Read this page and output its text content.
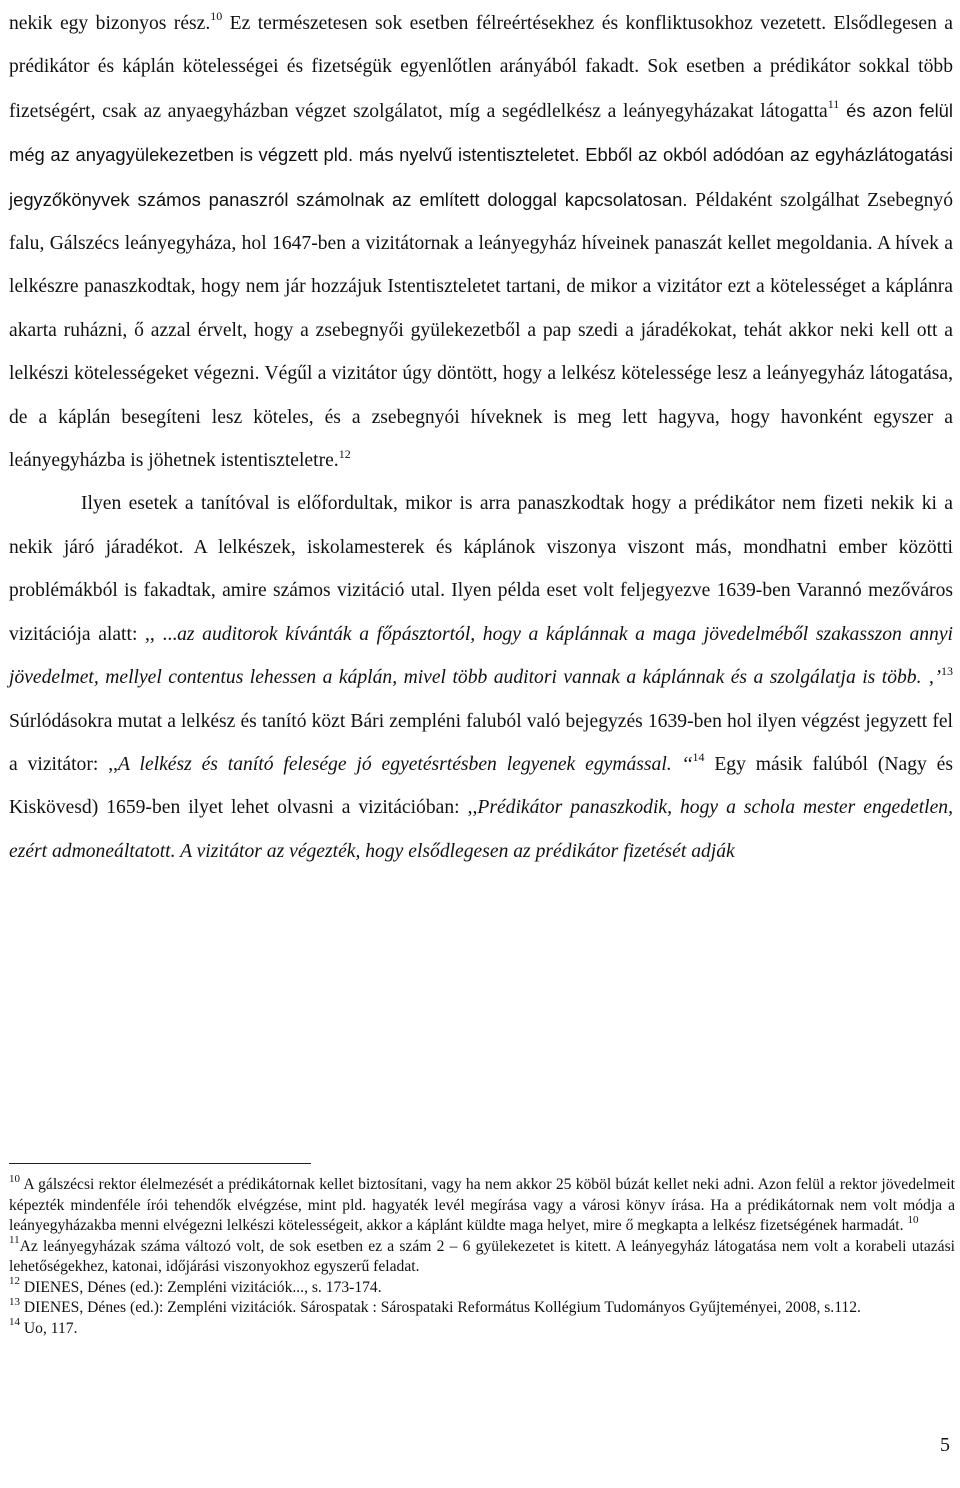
nekik egy bizonyos rész.$^{10}$ Ez természetesen sok esetben félreértésekhez és konfliktusokhoz vezetett. Elsődlegesen a prédikátor és káplán kötelességei és fizetségük egyenlőtlen arányából fakadt. Sok esetben a prédikátor sokkal több fizetségért, csak az anyaegyházban végzet szolgálatot, míg a segédlelkész a leányegyházakat látogatta$^{11}$ és azon felül még az anyagyülekezetben is végzett pld. más nyelvű istentiszteletet. Ebből az okból adódóan az egyházlátogatási jegyzőkönyvek számos panaszról számolnak az említett dologgal kapcsolatosan. Példaként szolgálhat Zsebegnyó falu, Gálszécs leányegyháza, hol 1647-ben a vizitátornak a leányegyház híveinek panaszát kellet megoldania. A hívek a lelkészre panaszkodtak, hogy nem jár hozzájuk Istentiszteletet tartani, de mikor a vizitátor ezt a kötelességet a káplánra akarta ruházni, ő azzal érvelt, hogy a zsebegnyői gyülekezetből a pap szedi a járadékokat, tehát akkor neki kell ott a lelkészi kötelességeket végezni. Végűl a vizitátor úgy döntött, hogy a lelkész kötelessége lesz a leányegyház látogatása, de a káplán besegíteni lesz köteles, és a zsebegnyói híveknek is meg lett hagyva, hogy havonként egyszer a leányegyházba is jöhetnek istentiszteletre.$^{12}$

Ilyen esetek a tanítóval is előfordultak, mikor is arra panaszkodtak hogy a prédikátor nem fizeti nekik ki a nekik járó járadékot. A lelkészek, iskolamesterek és káplánok viszonya viszont más, mondhatni ember közötti problémákból is fakadtak, amire számos vizitáció utal. Ilyen példa eset volt feljegyezve 1639-ben Varannó mezőváros vizitációja alatt: ,, ...az auditorok kívánták a főpásztortól, hogy a káplánnak a maga jövedelméből szakasszon annyi jövedelmet, mellyel contentus lehessen a káplán, mivel több auditori vannak a káplánnak és a szolgálatja is több. ‚’$^{13}$ Súrlódásokra mutat a lelkész és tanító közt Bári zempléni faluból való bejegyzés 1639-ben hol ilyen végzést jegyzett fel a vizitátor: ,,A lelkész és tanító felesége jó egyetésrtésben legyenek egymással. ‘‘$^{14}$ Egy másik falúból (Nagy és Kiskövesd) 1659-ben ilyet lehet olvasni a vizitációban: ,,Prédikátor panaszkodik, hogy a schola mester engedetlen, ezért admoneáltatott. A vizitátor az végezték, hogy elsődlegesen az prédikátor fizetését adják

$^{10}$ A gálszécsi rektor élelmezését a prédikátornak kellet biztosítani, vagy ha nem akkor 25 köböl búzát kellet neki adni. Azon felül a rektor jövedelmeit képezték mindenféle írói tehendők elvégzése, mint pld. hagyaték levél megírása vagy a városi könyv írása. Ha a prédikátornak nem volt módja a leányegyházakba menni elvégezni lelkészi kötelességeit, akkor a káplánt küldte maga helyet, mire ő megkapta a lelkész fizetségének harmadát. $^{10}$

$^{11}$Az leányegyházak száma változó volt, de sok esetben ez a szám 2 – 6 gyülekezetet is kitett. A leányegyház látogatása nem volt a korabeli utazási lehetőségekhez, katonai, időjárási viszonyokhoz egyszerű feladat.

$^{12}$ DIENES, Dénes (ed.): Zempléni vizitációk..., s. 173-174.

$^{13}$ DIENES, Dénes (ed.): Zempléni vizitációk. Sárospatak : Sárospataki Református Kollégium Tudományos Gyűjteményei, 2008, s.112.

$^{14}$ Uo, 117.

5
